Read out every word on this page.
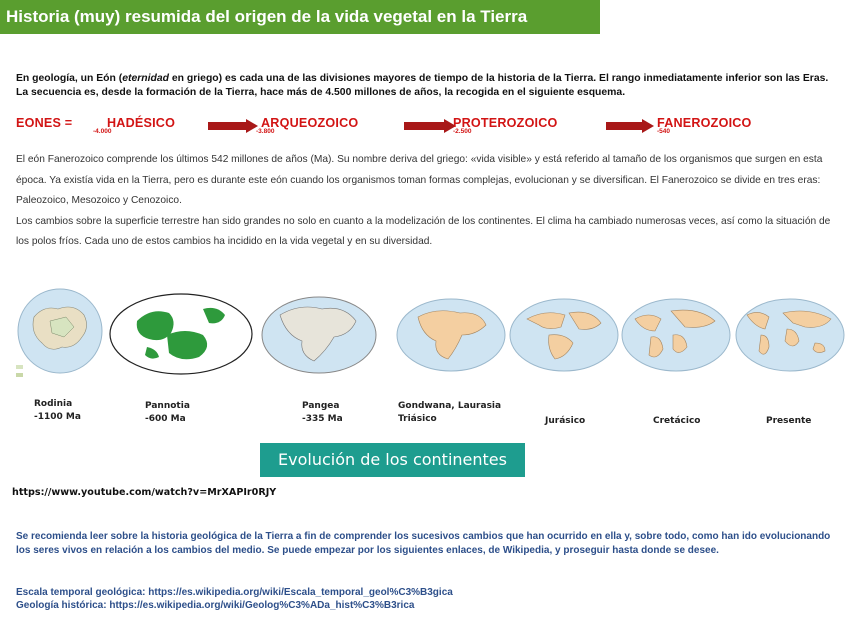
Historia (muy) resumida del origen de la vida vegetal en la Tierra
En geología, un Eón (eternidad en griego) es cada una de las divisiones mayores de tiempo de la historia de la Tierra. El rango inmediatamente inferior son las Eras. La secuencia es, desde la formación de la Tierra, hace más de 4.500 millones de años, la recogida en el siguiente esquema.
EONES =
-4.000
HADÉSICO
-3.800
ARQUEOZOICO
-2.500
PROTEROZOICO
-540
FANEROZOICO

El eón Fanerozoico comprende los últimos 542 millones de años (Ma). Su nombre deriva del griego: «vida visible» y está referido al tamaño de los organismos que surgen en esta época. Ya existía vida en la Tierra, pero es durante este eón cuando los organismos toman formas complejas, evolucionan y se diversifican. El Fanerozoico se divide en tres eras: Paleozoico, Mesozoico y Cenozoico.

Los cambios sobre la superficie terrestre han sido grandes no solo en cuanto a la modelización de los continentes. El clima ha cambiado numerosas veces, así como la situación de los polos fríos. Cada uno de estos cambios ha incidido en la vida vegetal y en su diversidad.

Rodinia
-1100 Ma
Pannotia
-600 Ma
Pangea
-335 Ma
Gondwana, Laurasia
Triásico	Jurásico	Cretácico	Presente
Evolución de los continentes
https://www.youtube.com/watch?v=MrXAPIr0RJY
Se recomienda leer sobre la historia geológica de la Tierra a fin de comprender los sucesivos cambios que han ocurrido en ella y, sobre todo, como han ido evolucionando los seres vivos en relación a los cambios del medio. Se puede empezar por los siguientes enlaces, de Wikipedia, y proseguir hasta donde se desee.
Escala temporal geológica: https://es.wikipedia.org/wiki/Escala_temporal_geol%C3%B3gica
Geología histórica: https://es.wikipedia.org/wiki/Geolog%C3%ADa_hist%C3%B3rica
